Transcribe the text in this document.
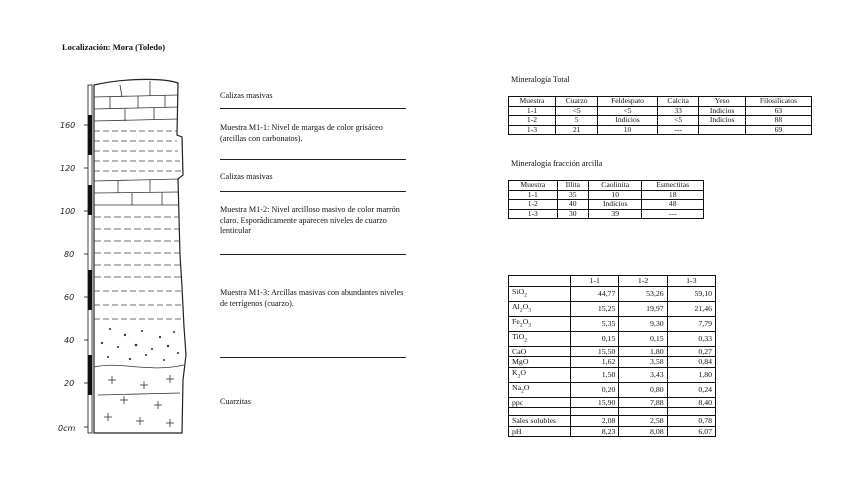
Localización: Mora (Toledo)
160
120
100
80
60
40
20
0cm
Calizas masivas
Muestra M1-1: Nivel de margas de color grisáceo (arcillas con carbonatos).
Calizas masivas
Muestra M1-2: Nivel arcilloso masivo de color marrón claro. Esporádicamente aparecen niveles de cuarzo lenticular
Muestra M1-3: Arcillas masivas con abundantes niveles de terrígenos (cuarzo).
Cuarzitas
Mineralogía Total
Muestra	Cuarzo	Feldespato	Calcita	Yeso	Filosilicatos
1-1	<5	<5	33	Indicios	63
1-2	5	Indicios	<5	Indicios	88
1-3	21	10	---		69
Mineralogía fracción arcilla
Muestra	Illita	Caolinita	Esmectitas
1-1	35	10	18
1-2	40	Indicios	48
1-3	30	39	---
	1-1	1-2	1-3
SiO$_2$	44,77	53,26	59,10
$Al_2O_3$	15,25	19,97	21,46
$Fe_2O_3$	5,35	9,30	7,79
TiO$_2$	0,15	0,15	0,33
CaO	15,50	1,80	0,27
MgO	1,62	3,58	0,84
$K_2O$	1,50	3,43	1,80
$Na_2O$	0,20	0,80	0,24
ppc	15,90	7,88	8,40

Sales solubles	2,08	2,58	0,78
pH	8,23	8,08	6,07
